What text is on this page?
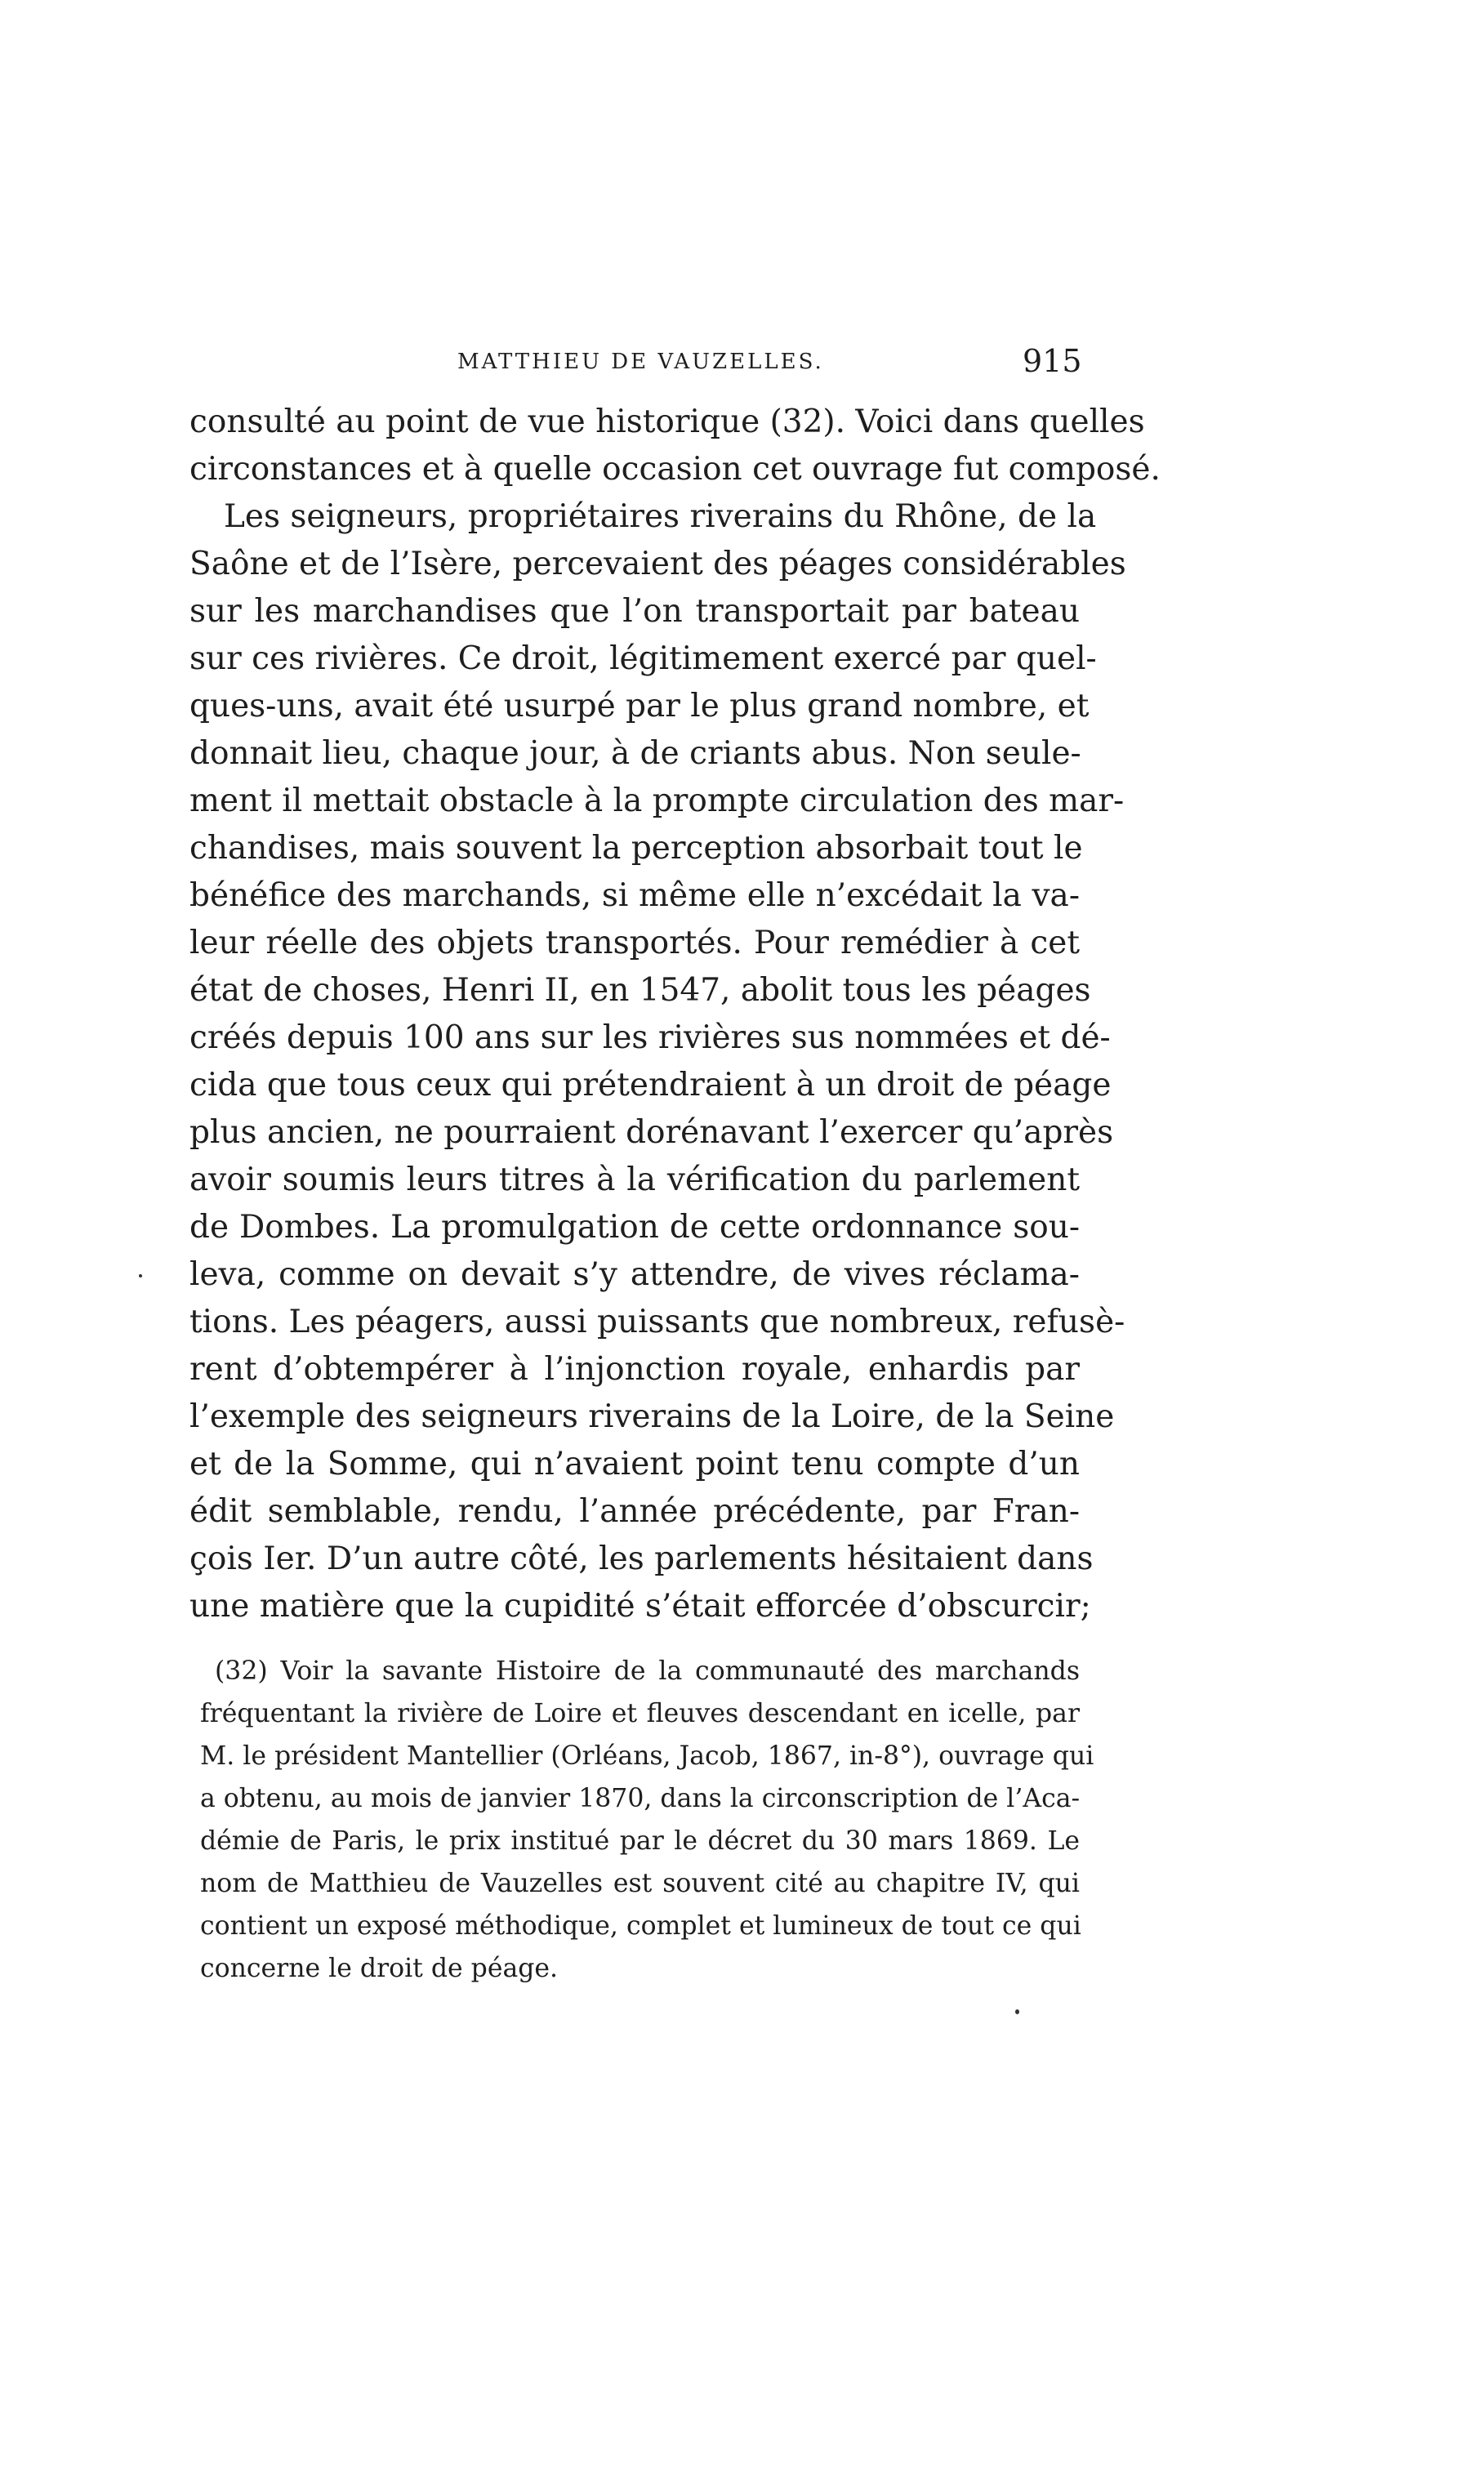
MATTHIEU DE VAUZELLES.	915
consulté au point de vue historique (32). Voici dans quelles
circonstances et à quelle occasion cet ouvrage fut composé.
Les seigneurs, propriétaires riverains du Rhône, de la
Saône et de l’Isère, percevaient des péages considérables
sur les marchandises que l’on transportait par bateau
sur ces rivières. Ce droit, légitimement exercé par quel-
ques-uns, avait été usurpé par le plus grand nombre, et
donnait lieu, chaque jour, à de criants abus. Non seule-
ment il mettait obstacle à la prompte circulation des mar-
chandises, mais souvent la perception absorbait tout le
bénéfice des marchands, si même elle n’excédait la va-
leur réelle des objets transportés. Pour remédier à cet
état de choses, Henri II, en 1547, abolit tous les péages
créés depuis 100 ans sur les rivières sus nommées et dé-
cida que tous ceux qui prétendraient à un droit de péage
plus ancien, ne pourraient dorénavant l’exercer qu’après
avoir soumis leurs titres à la vérification du parlement
de Dombes. La promulgation de cette ordonnance sou-
leva, comme on devait s’y attendre, de vives réclama-
tions. Les péagers, aussi puissants que nombreux, refusè-
rent d’obtempérer à l’injonction royale, enhardis par
l’exemple des seigneurs riverains de la Loire, de la Seine
et de la Somme, qui n’avaient point tenu compte d’un
édit semblable, rendu, l’année précédente, par Fran-
çois Ier. D’un autre côté, les parlements hésitaient dans
une matière que la cupidité s’était efforcée d’obscurcir;
(32) Voir la savante Histoire de la communauté des marchands
fréquentant la rivière de Loire et fleuves descendant en icelle, par
M. le président Mantellier (Orléans, Jacob, 1867, in-8°), ouvrage qui
a obtenu, au mois de janvier 1870, dans la circonscription de l’Aca-
démie de Paris, le prix institué par le décret du 30 mars 1869. Le
nom de Matthieu de Vauzelles est souvent cité au chapitre IV, qui
contient un exposé méthodique, complet et lumineux de tout ce qui
concerne le droit de péage.
